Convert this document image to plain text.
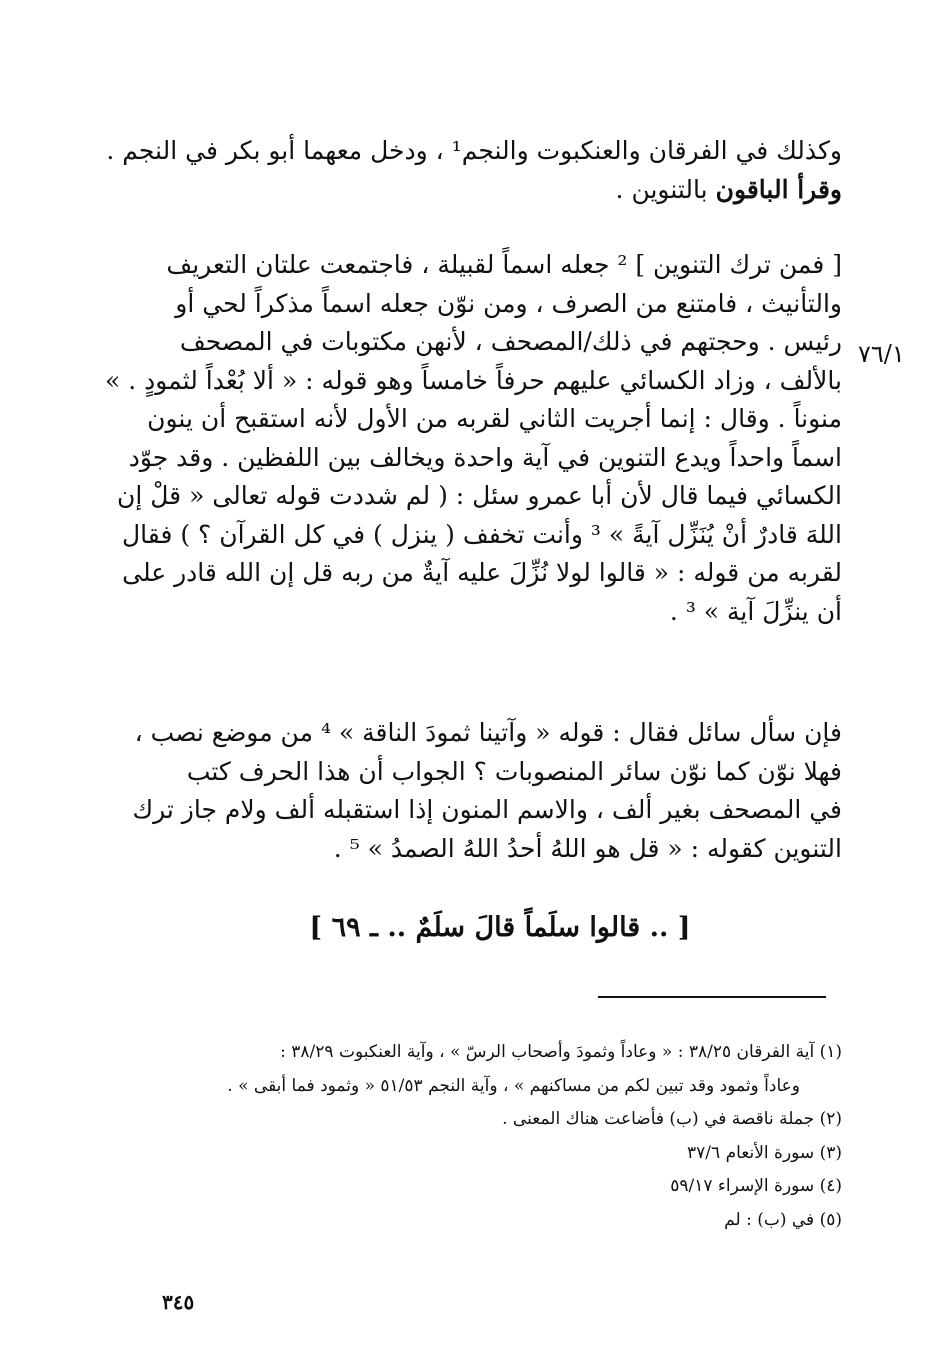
وكذلك في الفرقان والعنكبوت والنجم¹ ، ودخل معهما أبو بكر في النجم .
وقرأ الباقون بالتنوين .
[ فمن ترك التنوين ] ² جعله اسماً لقبيلة ، فاجتمعت علتان التعريف
والتأنيث ، فامتنع من الصرف ، ومن نوّن جعله اسماً مذكراً لحي أو
رئيس . وحجتهم في ذلك/المصحف ، لأنهن مكتوبات في المصحف
بالألف ، وزاد الكسائي عليهم حرفاً خامساً وهو قوله : « ألا بُعْداً لثمودٍ . »
منوناً . وقال : إنما أجريت الثاني لقربه من الأول لأنه استقبح أن ينون
اسماً واحداً ويدع التنوين في آية واحدة ويخالف بين اللفظين . وقد جوّد
الكسائي فيما قال لأن أبا عمرو سئل : ( لم شددت قوله تعالى « قلْ إن
اللهَ قادرٌ أنْ يُنَزِّل آيةً » ³ وأنت تخفف ( ينزل ) في كل القرآن ؟ ) فقال
لقربه من قوله : « قالوا لولا نُزِّلَ عليه آيةٌ من ربه قل إن الله قادر على
أن ينزِّلَ آية » ³ .
٧٦/١
فإن سأل سائل فقال : قوله « وآتينا ثمودَ الناقة » ⁴ من موضع نصب ،
فهلا نوّن كما نوّن سائر المنصوبات ؟ الجواب أن هذا الحرف كتب
في المصحف بغير ألف ، والاسم المنون إذا استقبله ألف ولام جاز ترك
التنوين كقوله : « قل هو اللهُ أحدُ اللهُ الصمدُ » ⁵ .
[ .. قالوا سلَماً قالَ سلَمٌ .. ـ ٦٩ ]
(١) آية الفرقان ٣٨/٢٥ : « وعاداً وثمودَ وأصحاب الرسّ » ، وآية العنكبوت ٣٨/٢٩ :
وعاداً وثمود وقد تبين لكم من مساكنهم » ، وآية النجم ٥١/٥٣ « وثمود فما أبقى » .
(٢) جملة ناقصة في (ب) فأضاعت هناك المعنى .
(٣) سورة الأنعام ٣٧/٦
(٤) سورة الإسراء ٥٩/١٧
(٥) في (ب) : لم
٣٤٥
